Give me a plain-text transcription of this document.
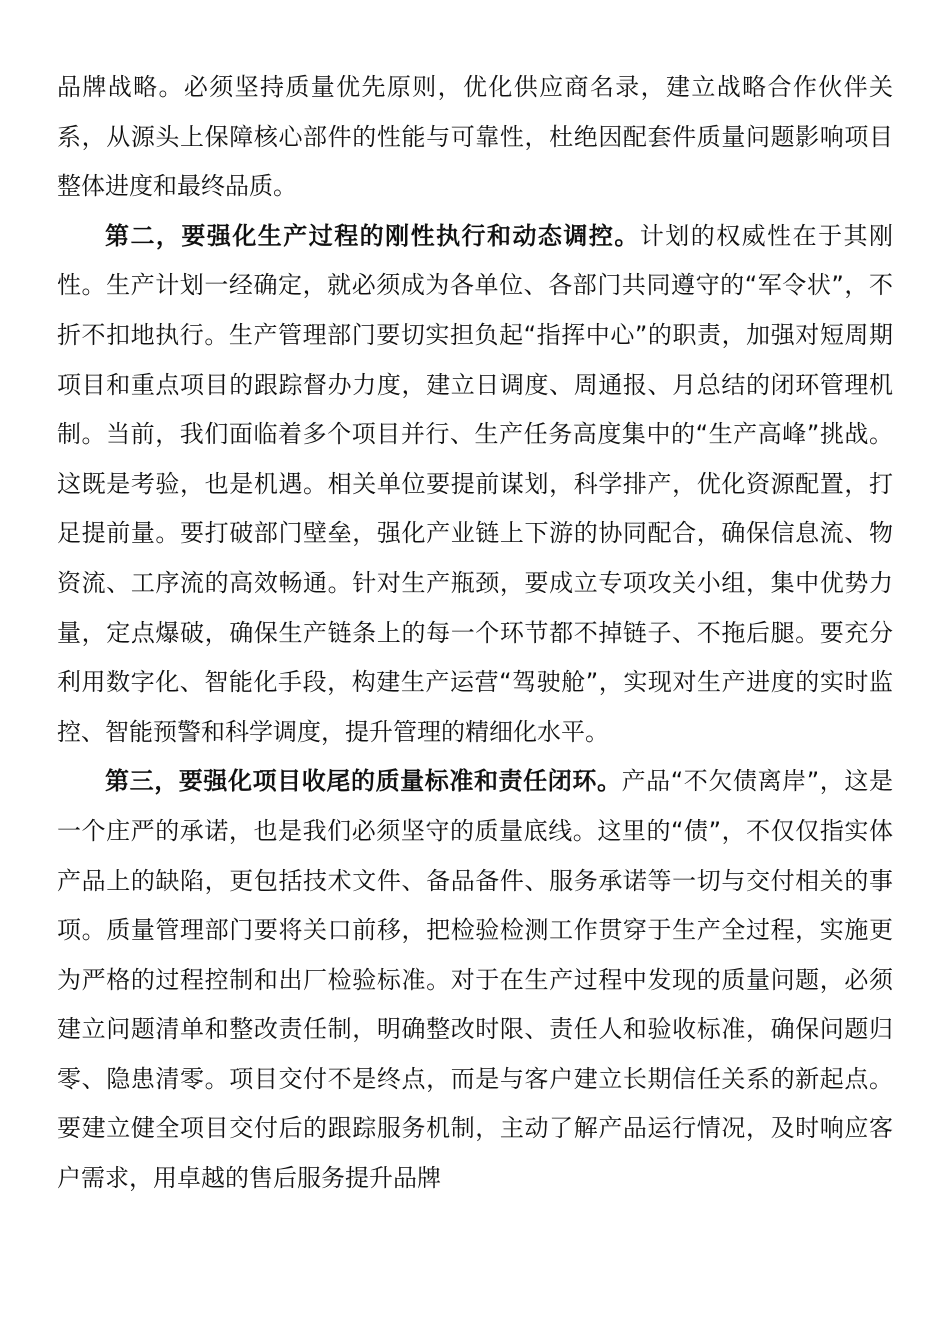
品牌战略。必须坚持质量优先原则，优化供应商名录，建立战略合作伙伴关系，从源头上保障核心部件的性能与可靠性，杜绝因配套件质量问题影响项目整体进度和最终品质。

第二，要强化生产过程的刚性执行和动态调控。计划的权威性在于其刚性。生产计划一经确定，就必须成为各单位、各部门共同遵守的“军令状”，不折不扣地执行。生产管理部门要切实担负起“指挥中心”的职责，加强对短周期项目和重点项目的跟踪督办力度，建立日调度、周通报、月总结的闭环管理机制。当前，我们面临着多个项目并行、生产任务高度集中的“生产高峰”挑战。这既是考验，也是机遇。相关单位要提前谋划，科学排产，优化资源配置，打足提前量。要打破部门壁垒，强化产业链上下游的协同配合，确保信息流、物资流、工序流的高效畅通。针对生产瓶颈，要成立专项攻关小组，集中优势力量，定点爆破，确保生产链条上的每一个环节都不掉链子、不拖后腿。要充分利用数字化、智能化手段，构建生产运营“驾驶舱”，实现对生产进度的实时监控、智能预警和科学调度，提升管理的精细化水平。

第三，要强化项目收尾的质量标准和责任闭环。产品“不欠债离岸”，这是一个庄严的承诺，也是我们必须坚守的质量底线。这里的“债”，不仅仅指实体产品上的缺陷，更包括技术文件、备品备件、服务承诺等一切与交付相关的事项。质量管理部门要将关口前移，把检验检测工作贯穿于生产全过程，实施更为严格的过程控制和出厂检验标准。对于在生产过程中发现的质量问题，必须建立问题清单和整改责任制，明确整改时限、责任人和验收标准，确保问题归零、隐患清零。项目交付不是终点，而是与客户建立长期信任关系的新起点。要建立健全项目交付后的跟踪服务机制，主动了解产品运行情况，及时响应客户需求，用卓越的售后服务提升品牌
